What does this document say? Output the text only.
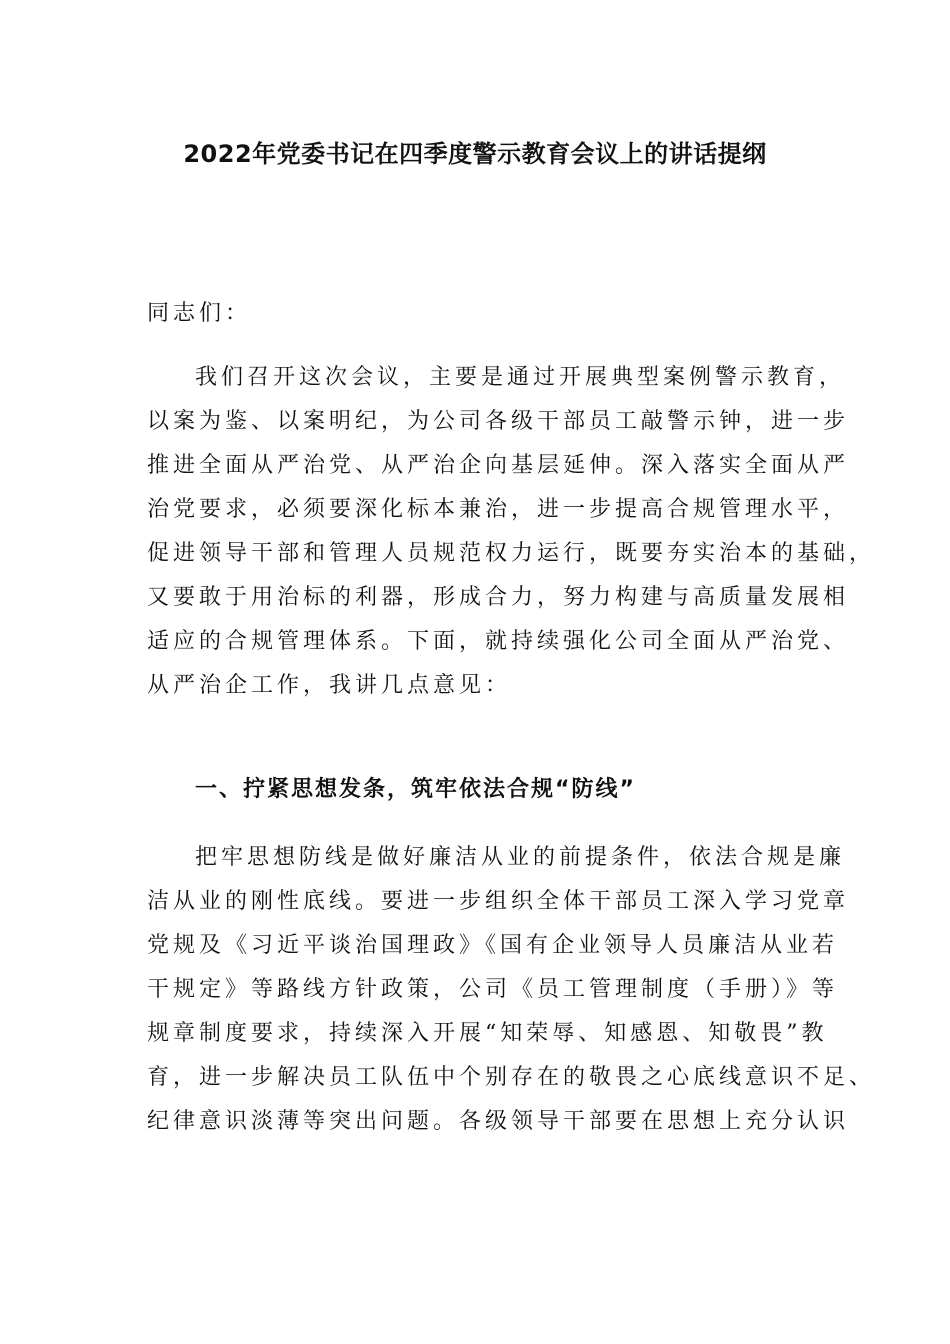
2022年党委书记在四季度警示教育会议上的讲话提纲
同志们：
我们召开这次会议，主要是通过开展典型案例警示教育，
以案为鉴、以案明纪，为公司各级干部员工敲警示钟，进一步
推进全面从严治党、从严治企向基层延伸。深入落实全面从严
治党要求，必须要深化标本兼治，进一步提高合规管理水平，
促进领导干部和管理人员规范权力运行，既要夯实治本的基础，
又要敢于用治标的利器，形成合力，努力构建与高质量发展相
适应的合规管理体系。下面，就持续强化公司全面从严治党、
从严治企工作，我讲几点意见：
一、拧紧思想发条，筑牢依法合规“防线”
把牢思想防线是做好廉洁从业的前提条件，依法合规是廉
洁从业的刚性底线。要进一步组织全体干部员工深入学习党章
党规及《习近平谈治国理政》《国有企业领导人员廉洁从业若
干规定》等路线方针政策，公司《员工管理制度（手册）》等
规章制度要求，持续深入开展“知荣辱、知感恩、知敬畏”教
育，进一步解决员工队伍中个别存在的敬畏之心底线意识不足、
纪律意识淡薄等突出问题。各级领导干部要在思想上充分认识
